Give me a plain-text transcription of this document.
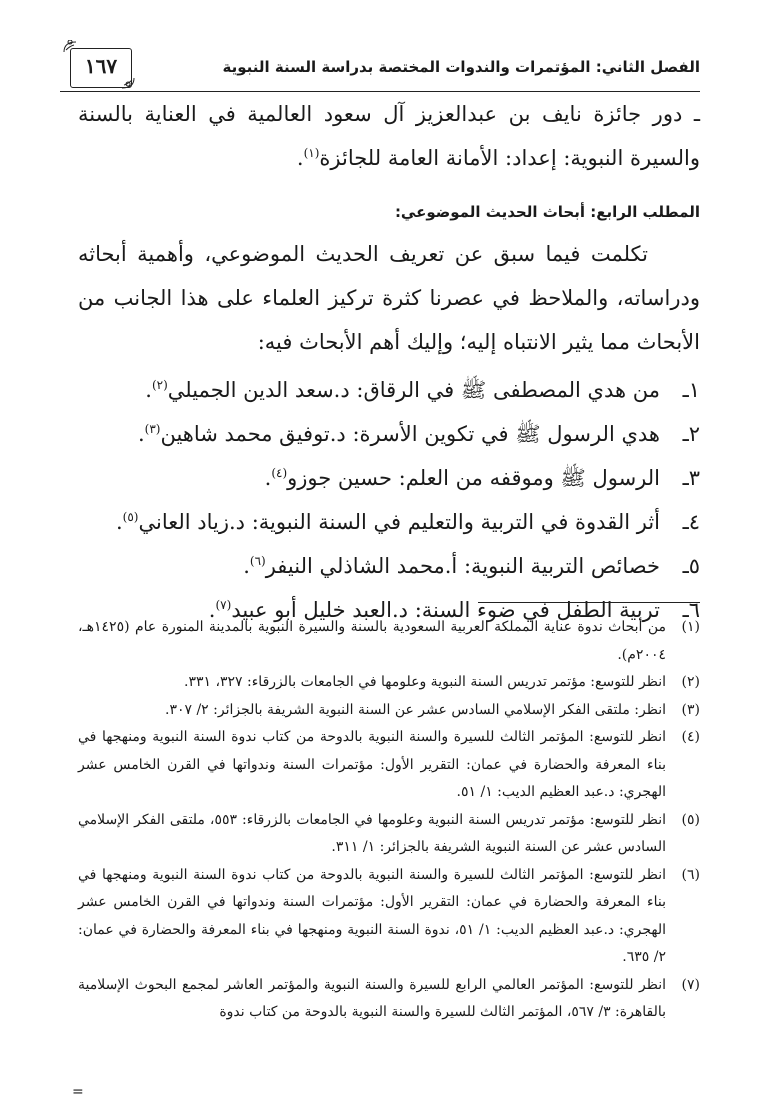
الفصل الثاني: المؤتمرات والندوات المختصة بدراسة السنة النبوية
١٦٧

ـ دور جائزة نايف بن عبدالعزيز آل سعود العالمية في العناية بالسنة والسيرة النبوية: إعداد: الأمانة العامة للجائزة$^{(١)}$.

المطلب الرابع: أبحاث الحديث الموضوعي:

تكلمت فيما سبق عن تعريف الحديث الموضوعي، وأهمية أبحاثه ودراساته، والملاحظ في عصرنا كثرة تركيز العلماء على هذا الجانب من الأبحاث مما يثير الانتباه إليه؛ وإليك أهم الأبحاث فيه:

١ـ
من هدي المصطفى ﷺ في الرقاق: د.سعد الدين الجميلي$^{(٢)}$.
٢ـ
هدي الرسول ﷺ في تكوين الأسرة: د.توفيق محمد شاهين$^{(٣)}$.
٣ـ
الرسول ﷺ وموقفه من العلم: حسين جوزو$^{(٤)}$.
٤ـ
أثر القدوة في التربية والتعليم في السنة النبوية: د.زياد العاني$^{(٥)}$.
٥ـ
خصائص التربية النبوية: أ.محمد الشاذلي النيفر$^{(٦)}$.
٦ـ
تربية الطفل في ضوء السنة: د.العبد خليل أبو عبيد$^{(٧)}$.
(١)
من أبحاث ندوة عناية المملكة العربية السعودية بالسنة والسيرة النبوية بالمدينة المنورة عام (١٤٢٥هـ، ٢٠٠٤م).
(٢)
انظر للتوسع: مؤتمر تدريس السنة النبوية وعلومها في الجامعات بالزرقاء: ٣٢٧، ٣٣١.
(٣)
انظر: ملتقى الفكر الإسلامي السادس عشر عن السنة النبوية الشريفة بالجزائر: ٢/ ٣٠٧.
(٤)
انظر للتوسع: المؤتمر الثالث للسيرة والسنة النبوية بالدوحة من كتاب ندوة السنة النبوية ومنهجها في بناء المعرفة والحضارة في عمان: التقرير الأول: مؤتمرات السنة وندواتها في القرن الخامس عشر الهجري: د.عبد العظيم الديب: ١/ ٥١.
(٥)
انظر للتوسع: مؤتمر تدريس السنة النبوية وعلومها في الجامعات بالزرقاء: ٥٥٣، ملتقى الفكر الإسلامي السادس عشر عن السنة النبوية الشريفة بالجزائر: ١/ ٣١١.
(٦)
انظر للتوسع: المؤتمر الثالث للسيرة والسنة النبوية بالدوحة من كتاب ندوة السنة النبوية ومنهجها في بناء المعرفة والحضارة في عمان: التقرير الأول: مؤتمرات السنة وندواتها في القرن الخامس عشر الهجري: د.عبد العظيم الديب: ١/ ٥١، ندوة السنة النبوية ومنهجها في بناء المعرفة والحضارة في عمان: ٢/ ٦٣٥.
(٧)
انظر للتوسع: المؤتمر العالمي الرابع للسيرة والسنة النبوية والمؤتمر العاشر لمجمع البحوث الإسلامية بالقاهرة: ٣/ ٥٦٧، المؤتمر الثالث للسيرة والسنة النبوية بالدوحة من كتاب ندوة
=
